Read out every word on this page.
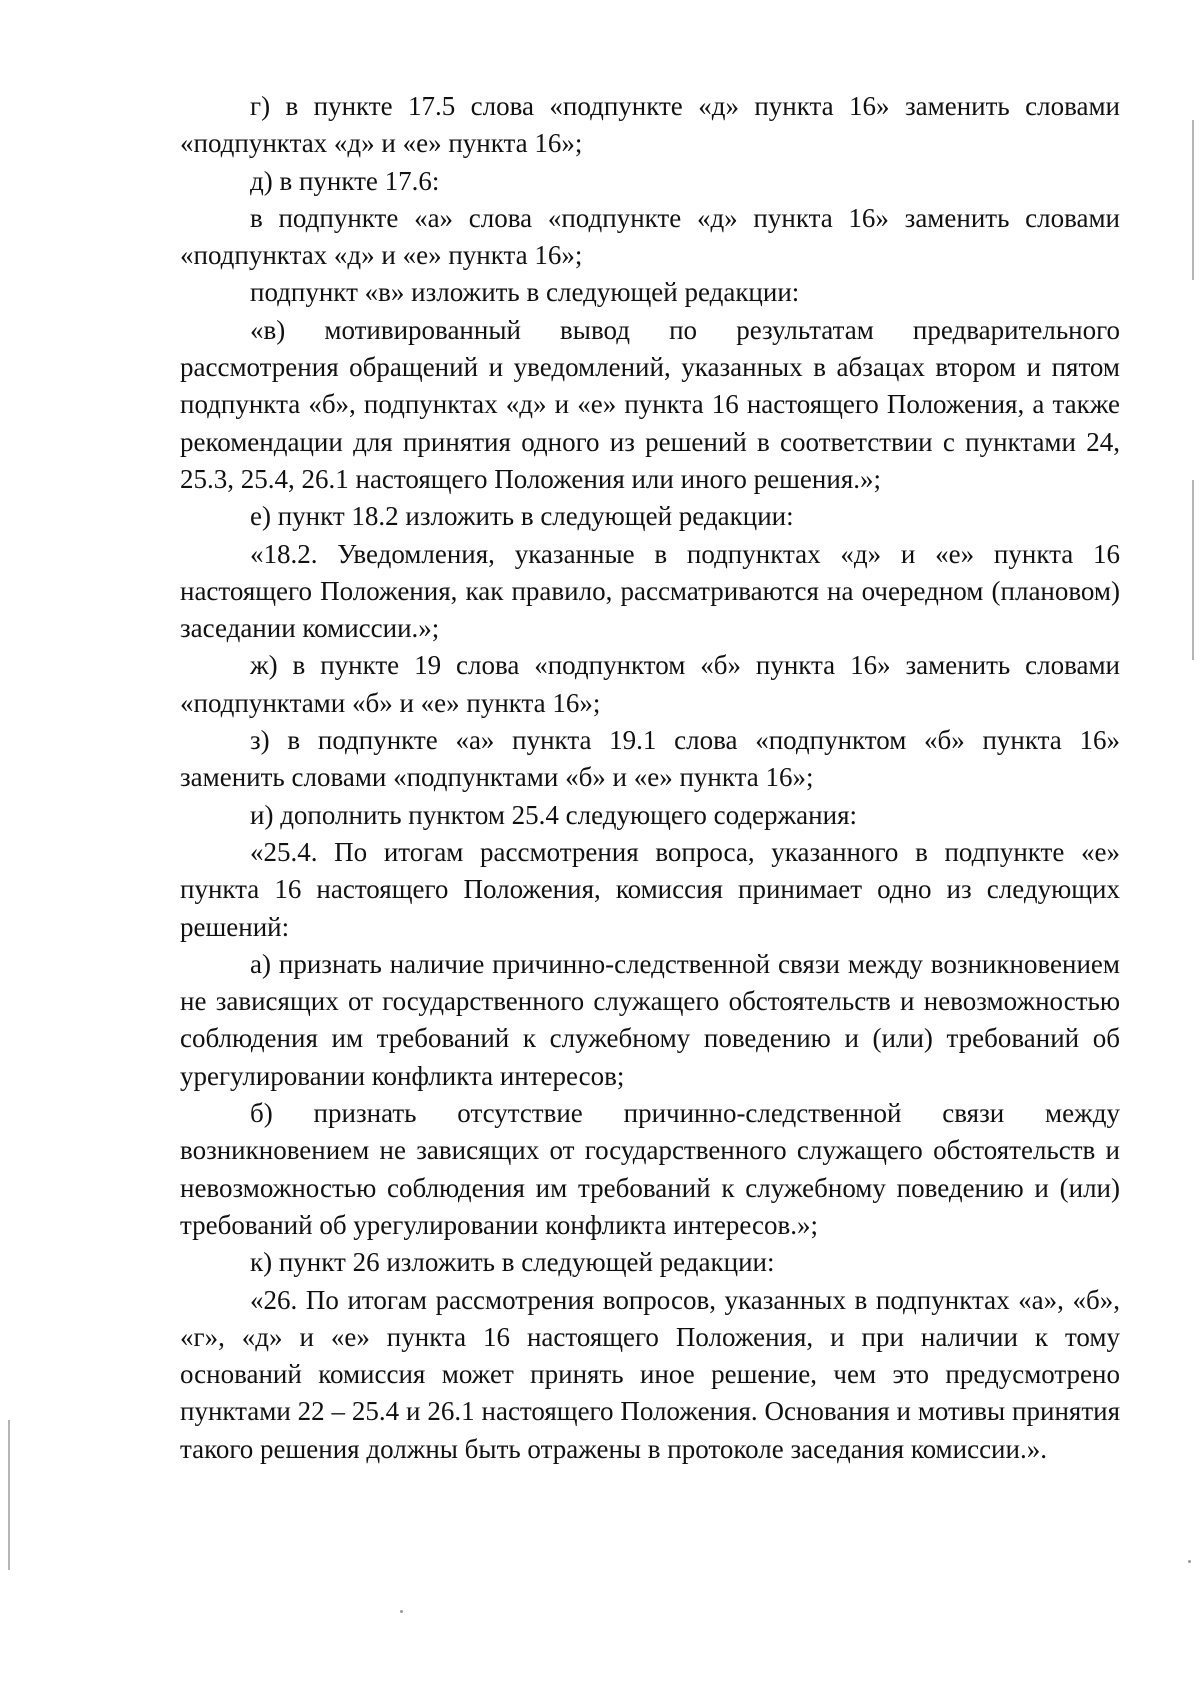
г) в пункте 17.5 слова «подпункте «д» пункта 16» заменить словами «подпунктах «д» и «е» пункта 16»;

д) в пункте 17.6:

в подпункте «а» слова «подпункте «д» пункта 16» заменить словами «подпунктах «д» и «е» пункта 16»;

подпункт «в» изложить в следующей редакции:

«в) мотивированный вывод по результатам предварительного рассмотрения обращений и уведомлений, указанных в абзацах втором и пятом подпункта «б», подпунктах «д» и «е» пункта 16 настоящего Положения, а также рекомендации для принятия одного из решений в соответствии с пунктами 24, 25.3, 25.4, 26.1 настоящего Положения или иного решения.»;

е) пункт 18.2 изложить в следующей редакции:

«18.2. Уведомления, указанные в подпунктах «д» и «е» пункта 16 настоящего Положения, как правило, рассматриваются на очередном (плановом) заседании комиссии.»;

ж) в пункте 19 слова «подпунктом «б» пункта 16» заменить словами «подпунктами «б» и «е» пункта 16»;

з) в подпункте «а» пункта 19.1 слова «подпунктом «б» пункта 16» заменить словами «подпунктами «б» и «е» пункта 16»;

и) дополнить пунктом 25.4 следующего содержания:

«25.4. По итогам рассмотрения вопроса, указанного в подпункте «е» пункта 16 настоящего Положения, комиссия принимает одно из следующих решений:

а) признать наличие причинно-следственной связи между возникновением не зависящих от государственного служащего обстоятельств и невозможностью соблюдения им требований к служебному поведению и (или) требований об урегулировании конфликта интересов;

б) признать отсутствие причинно-следственной связи между возникновением не зависящих от государственного служащего обстоятельств и невозможностью соблюдения им требований к служебному поведению и (или) требований об урегулировании конфликта интересов.»;

к) пункт 26 изложить в следующей редакции:

«26. По итогам рассмотрения вопросов, указанных в подпунктах «а», «б», «г», «д» и «е» пункта 16 настоящего Положения, и при наличии к тому оснований комиссия может принять иное решение, чем это предусмотрено пунктами 22 – 25.4 и 26.1 настоящего Положения. Основания и мотивы принятия такого решения должны быть отражены в протоколе заседания комиссии.».
